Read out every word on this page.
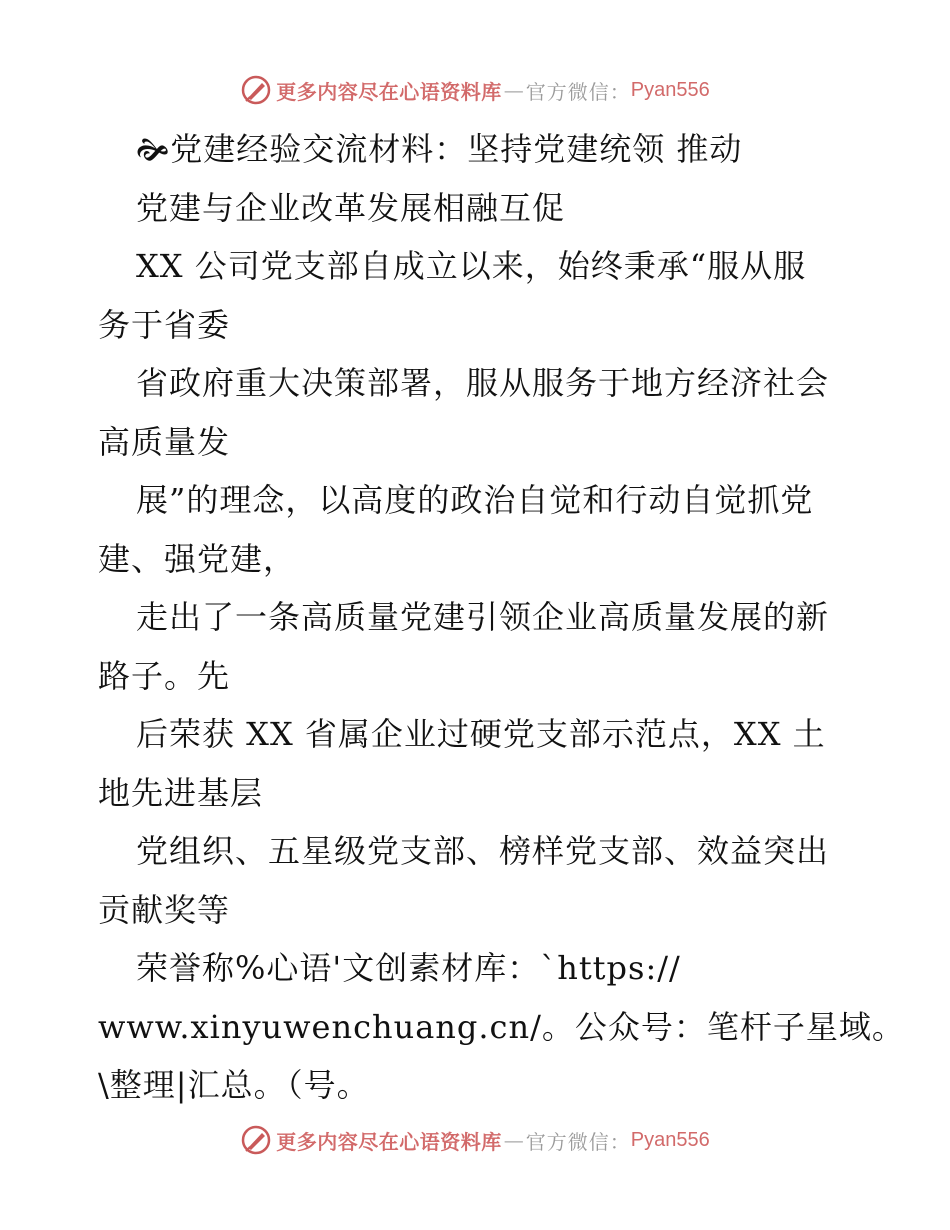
更多内容尽在心语资料库 — 官方微信： Pyan556
🙞党建经验交流材料：坚持党建统领 推动
党建与企业改革发展相融互促
XX 公司党支部自成立以来，始终秉承“服从服
务于省委
省政府重大决策部署，服从服务于地方经济社会
高质量发
展”的理念，以高度的政治自觉和行动自觉抓党
建、强党建，
走出了一条高质量党建引领企业高质量发展的新
路子。先
后荣获 XX 省属企业过硬党支部示范点，XX 土
地先进基层
党组织、五星级党支部、榜样党支部、效益突出
贡献奖等
荣誉称%心语'文创素材库：`https://
www.xinyuwenchuang.cn/。公众号：笔杆子星域。
\整理|汇总。（号。
更多内容尽在心语资料库 — 官方微信： Pyan556
